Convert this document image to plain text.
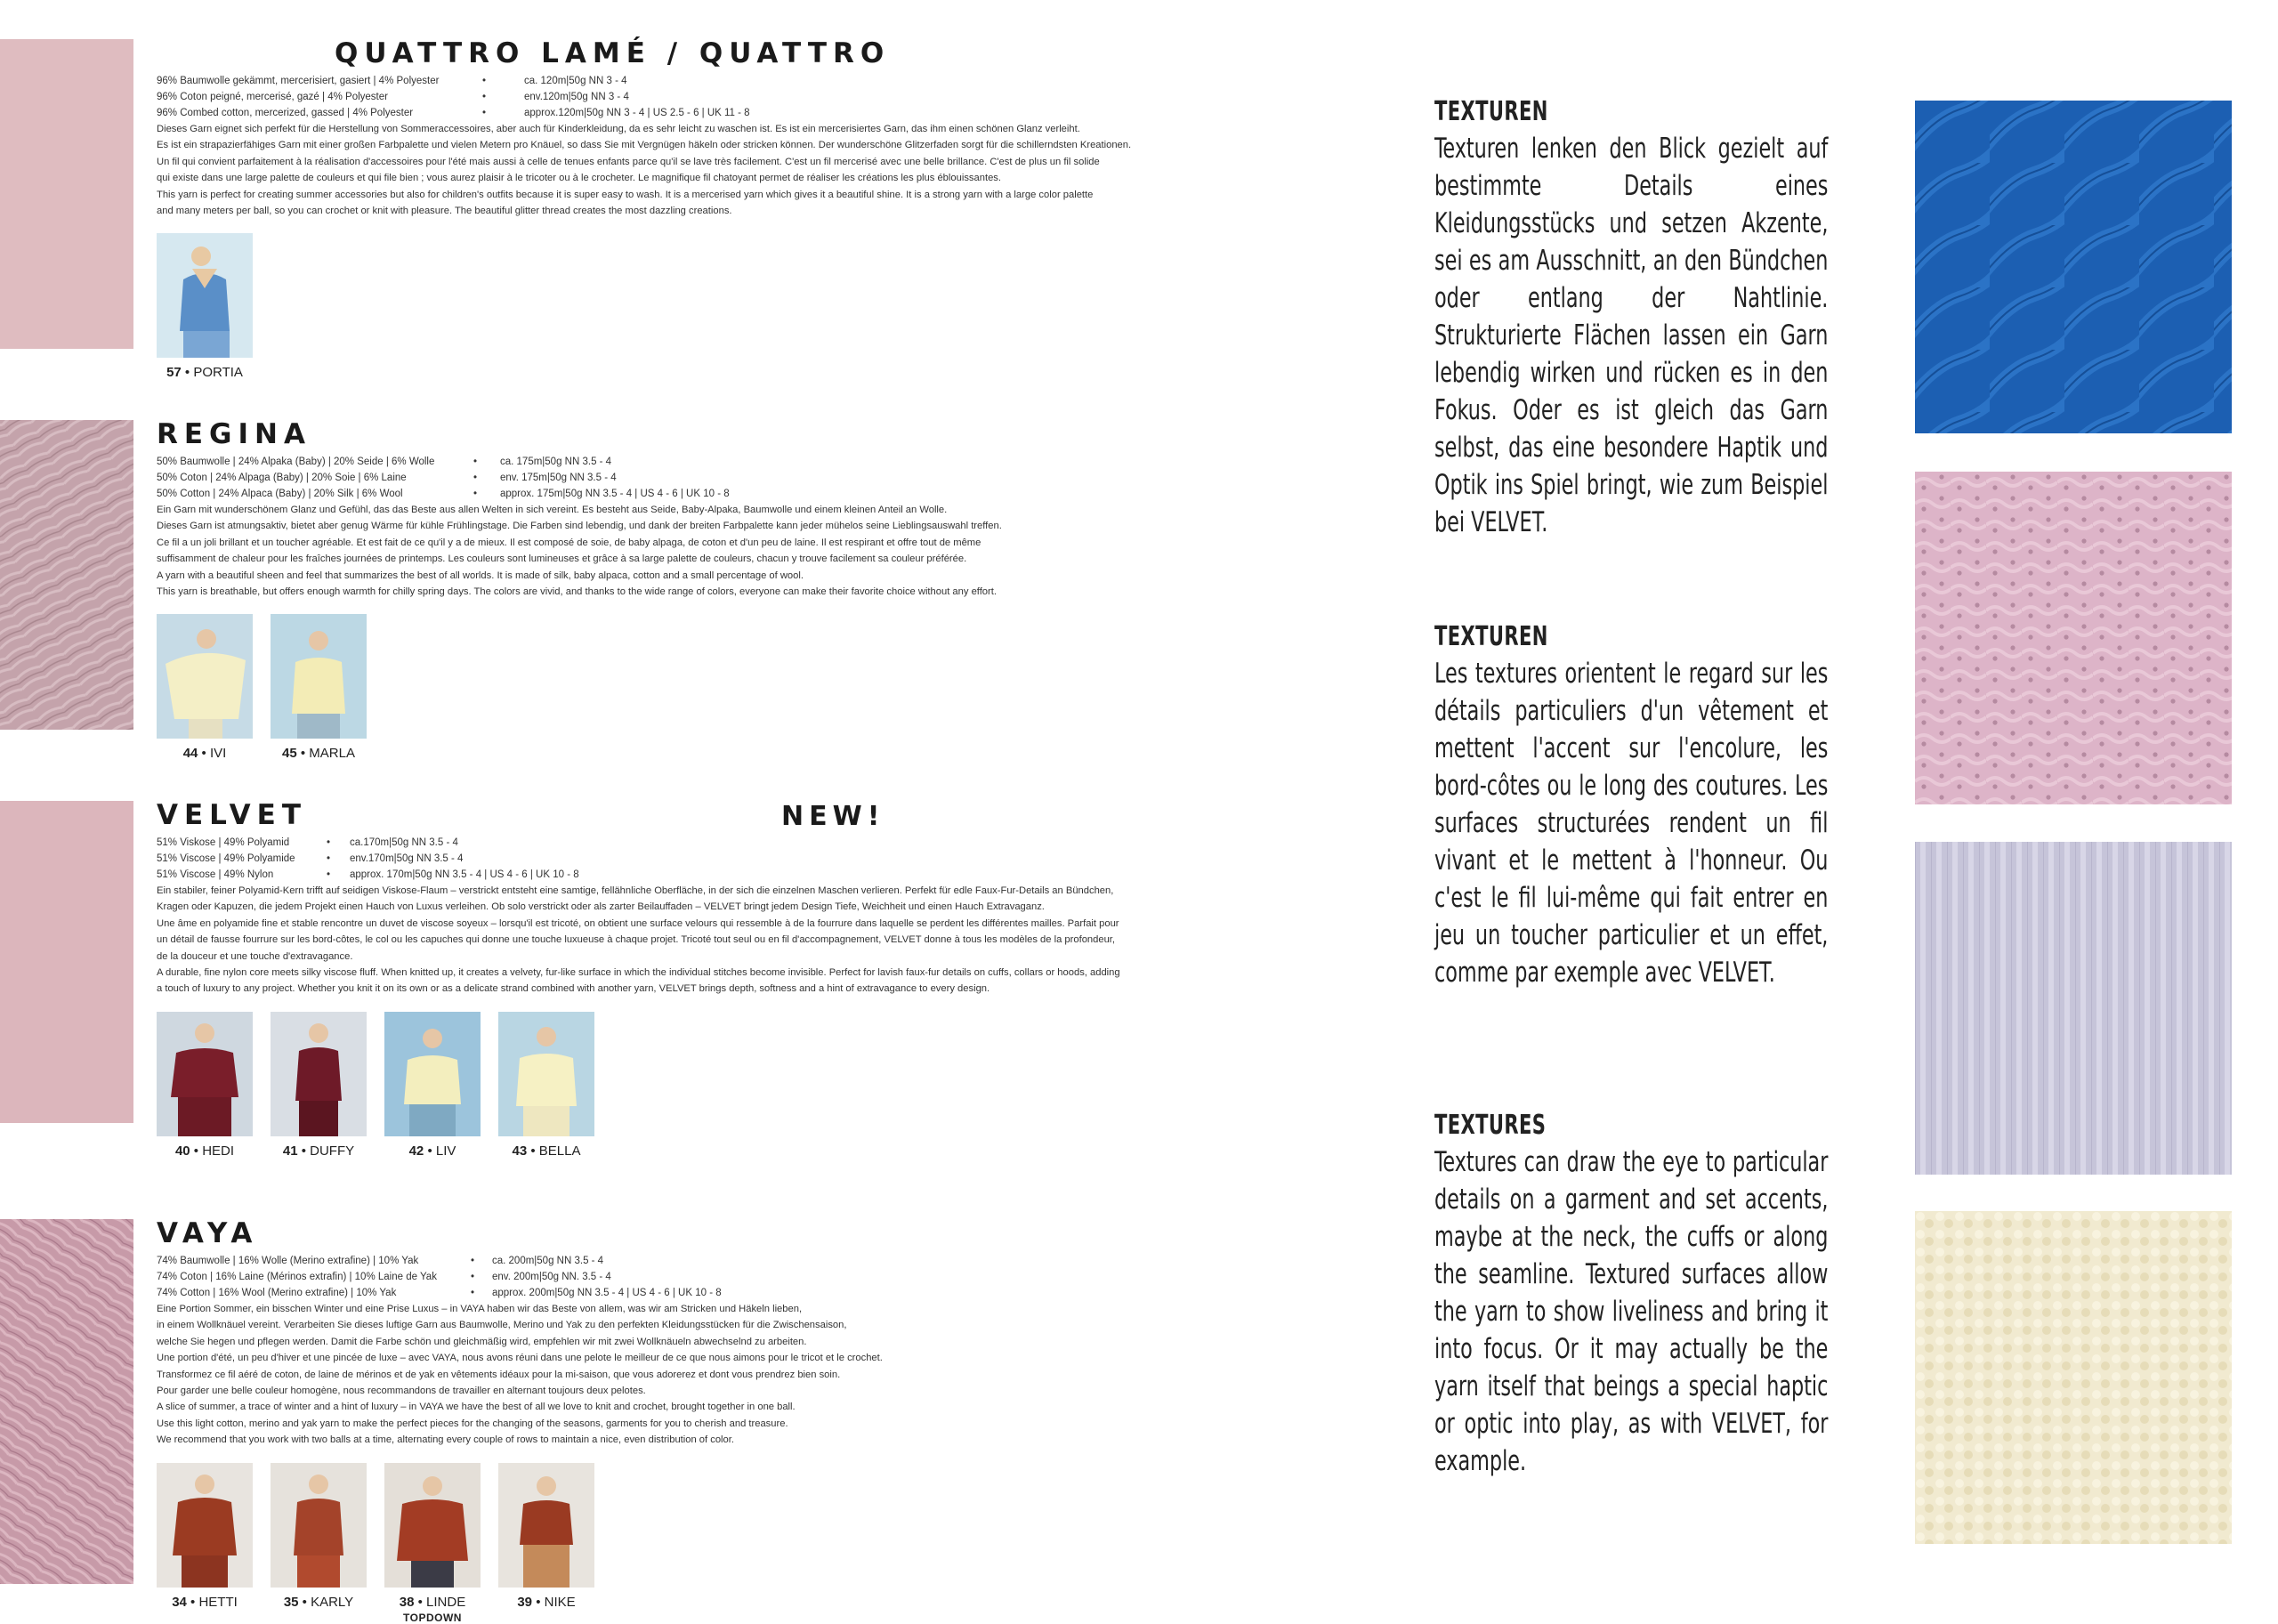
QUATTRO LAMÉ / QUATTRO
96% Baumwolle gekämmt, mercerisiert, gasiert | 4% Polyester	•	ca. 120m|50g NN 3 - 4
96% Coton peigné, mercerisé, gazé | 4% Polyester	•	env.120m|50g NN 3 - 4
96% Combed cotton, mercerized, gassed | 4% Polyester	•	approx.120m|50g NN 3 - 4 | US 2.5 - 6 | UK 11 - 8

Dieses Garn eignet sich perfekt für die Herstellung von Sommeraccessoires, aber auch für Kinderkleidung, da es sehr leicht zu waschen ist. Es ist ein mercerisiertes Garn, das ihm einen schönen Glanz verleiht.

Es ist ein strapazierfähiges Garn mit einer großen Farbpalette und vielen Metern pro Knäuel, so dass Sie mit Vergnügen häkeln oder stricken können. Der wunderschöne Glitzerfaden sorgt für die schillerndsten Kreationen.

Un fil qui convient parfaitement à la réalisation d'accessoires pour l'été mais aussi à celle de tenues enfants parce qu'il se lave très facilement. C'est un fil mercerisé avec une belle brillance. C'est de plus un fil solide

qui existe dans une large palette de couleurs et qui file bien ; vous aurez plaisir à le tricoter ou à le crocheter. Le magnifique fil chatoyant permet de réaliser les créations les plus éblouissantes.

This yarn is perfect for creating summer accessories but also for children's outfits because it is super easy to wash. It is a mercerised yarn which gives it a beautiful shine. It is a strong yarn with a large color palette

and many meters per ball, so you can crochet or knit with pleasure. The beautiful glitter thread creates the most dazzling creations.

57 • PORTIA
REGINA
50% Baumwolle | 24% Alpaka (Baby) | 20% Seide | 6% Wolle	•	ca. 175m|50g NN 3.5 - 4
50% Coton | 24% Alpaga (Baby) | 20% Soie | 6% Laine	•	env. 175m|50g NN 3.5 - 4
50% Cotton | 24% Alpaca (Baby) | 20% Silk | 6% Wool	•	approx. 175m|50g NN 3.5 - 4 | US 4 - 6 | UK 10 - 8

Ein Garn mit wunderschönem Glanz und Gefühl, das das Beste aus allen Welten in sich vereint. Es besteht aus Seide, Baby-Alpaka, Baumwolle und einem kleinen Anteil an Wolle.

Dieses Garn ist atmungsaktiv, bietet aber genug Wärme für kühle Frühlingstage. Die Farben sind lebendig, und dank der breiten Farbpalette kann jeder mühelos seine Lieblingsauswahl treffen.

Ce fil a un joli brillant et un toucher agréable. Et est fait de ce qu'il y a de mieux. Il est composé de soie, de baby alpaga, de coton et d'un peu de laine. Il est respirant et offre tout de même

suffisamment de chaleur pour les fraîches journées de printemps. Les couleurs sont lumineuses et grâce à sa large palette de couleurs, chacun y trouve facilement sa couleur préférée.

A yarn with a beautiful sheen and feel that summarizes the best of all worlds. It is made of silk, baby alpaca, cotton and a small percentage of wool.

This yarn is breathable, but offers enough warmth for chilly spring days. The colors are vivid, and thanks to the wide range of colors, everyone can make their favorite choice without any effort.

44 • IVI	45 • MARLA
VELVET
51% Viskose | 49% Polyamid	•	ca.170m|50g NN 3.5 - 4
51% Viscose | 49% Polyamide	•	env.170m|50g NN 3.5 - 4
51% Viscose | 49% Nylon	•	approx. 170m|50g NN 3.5 - 4 | US 4 - 6 | UK 10 - 8

Ein stabiler, feiner Polyamid-Kern trifft auf seidigen Viskose-Flaum – verstrickt entsteht eine samtige, fellähnliche Oberfläche, in der sich die einzelnen Maschen verlieren. Perfekt für edle Faux-Fur-Details an Bündchen,

Kragen oder Kapuzen, die jedem Projekt einen Hauch von Luxus verleihen. Ob solo verstrickt oder als zarter Beilauffaden – VELVET bringt jedem Design Tiefe, Weichheit und einen Hauch Extravaganz.

Une âme en polyamide fine et stable rencontre un duvet de viscose soyeux – lorsqu'il est tricoté, on obtient une surface velours qui ressemble à de la fourrure dans laquelle se perdent les différentes mailles. Parfait pour

un détail de fausse fourrure sur les bord-côtes, le col ou les capuches qui donne une touche luxueuse à chaque projet. Tricoté tout seul ou en fil d'accompagnement, VELVET donne à tous les modèles de la profondeur,

de la douceur et une touche d'extravagance.

A durable, fine nylon core meets silky viscose fluff. When knitted up, it creates a velvety, fur-like surface in which the individual stitches become invisible. Perfect for lavish faux-fur details on cuffs, collars or hoods, adding

a touch of luxury to any project. Whether you knit it on its own or as a delicate strand combined with another yarn, VELVET brings depth, softness and a hint of extravagance to every design.

40 • HEDI	41 • DUFFY	42 • LIV	43 • BELLA
NEW!
VAYA
74% Baumwolle | 16% Wolle (Merino extrafine) | 10% Yak	•	ca. 200m|50g NN 3.5 - 4
74% Coton | 16% Laine (Mérinos extrafin) | 10% Laine de Yak	•	env. 200m|50g NN. 3.5 - 4
74% Cotton | 16% Wool (Merino extrafine) | 10% Yak	•	approx. 200m|50g NN 3.5 - 4 | US 4 - 6 | UK 10 - 8

Eine Portion Sommer, ein bisschen Winter und eine Prise Luxus – in VAYA haben wir das Beste von allem, was wir am Stricken und Häkeln lieben,

in einem Wollknäuel vereint. Verarbeiten Sie dieses luftige Garn aus Baumwolle, Merino und Yak zu den perfekten Kleidungsstücken für die Zwischensaison,

welche Sie hegen und pflegen werden. Damit die Farbe schön und gleichmäßig wird, empfehlen wir mit zwei Wollknäueln abwechselnd zu arbeiten.

Une portion d'été, un peu d'hiver et une pincée de luxe – avec VAYA, nous avons réuni dans une pelote le meilleur de ce que nous aimons pour le tricot et le crochet.

Transformez ce fil aéré de coton, de laine de mérinos et de yak en vêtements idéaux pour la mi-saison, que vous adorerez et dont vous prendrez bien soin.

Pour garder une belle couleur homogène, nous recommandons de travailler en alternant toujours deux pelotes.

A slice of summer, a trace of winter and a hint of luxury – in VAYA we have the best of all we love to knit and crochet, brought together in one ball.

Use this light cotton, merino and yak yarn to make the perfect pieces for the changing of the seasons, garments for you to cherish and treasure.

We recommend that you work with two balls at a time, alternating every couple of rows to maintain a nice, even distribution of color.

34 • HETTI	35 • KARLY	38 • LINDE
TOPDOWN
39 • NIKE
TEXTUREN

Texturen lenken den Blick gezielt auf bestimmte Details eines Kleidungsstücks und setzen Akzente, sei es am Ausschnitt, an den Bündchen oder entlang der Nahtlinie. Strukturierte Flächen lassen ein Garn lebendig wirken und rücken es in den Fokus. Oder es ist gleich das Garn selbst, das eine besondere Haptik und Optik ins Spiel bringt, wie zum Beispiel bei VELVET.

TEXTUREN

Les textures orientent le regard sur les détails particuliers d'un vêtement et mettent l'accent sur l'encolure, les bord-côtes ou le long des coutures. Les surfaces structurées rendent un fil vivant et le mettent à l'honneur. Ou c'est le fil lui-même qui fait entrer en jeu un toucher particulier et un effet, comme par exemple avec VELVET.

TEXTURES

Textures can draw the eye to particular details on a garment and set accents, maybe at the neck, the cuffs or along the seamline. Textured surfaces allow the yarn to show liveliness and bring it into focus. Or it may actually be the yarn itself that beings a special haptic or optic into play, as with VELVET, for example.
